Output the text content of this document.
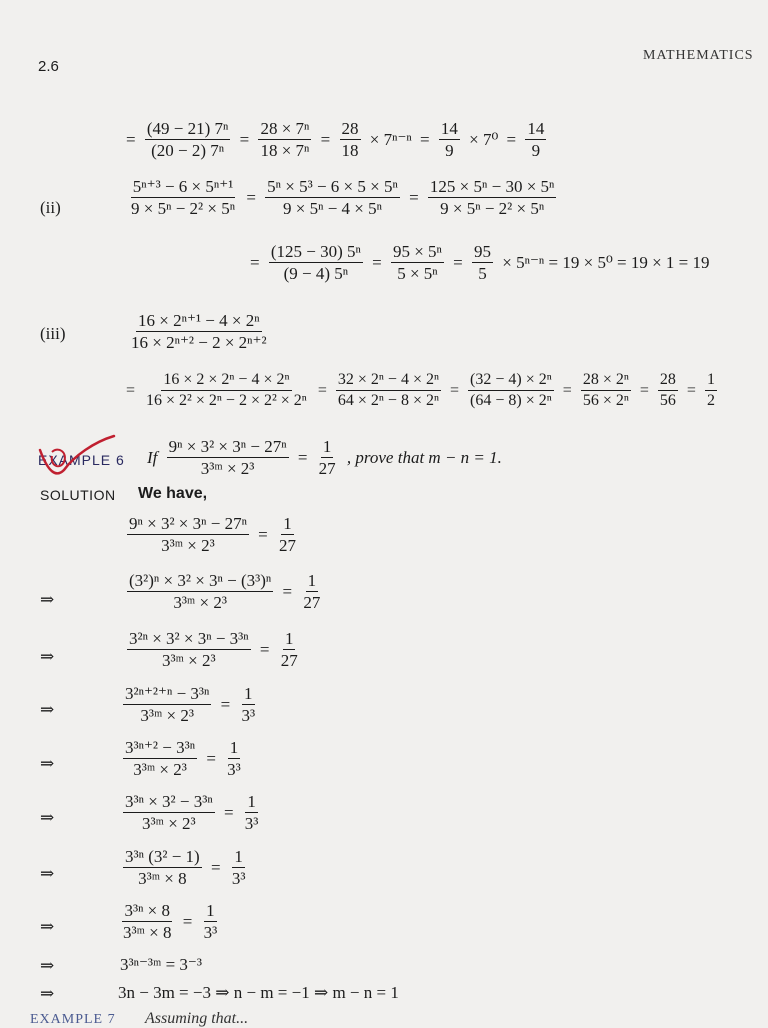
2.6
MATHEMATICS
= $\frac{\text{(49 − 21) 7ⁿ}}{\text{(20 − 2) 7ⁿ}} = \frac{\text{28 × 7ⁿ}}{\text{18 × 7ⁿ}} = \frac{28}{18} \times 7^{n-n} = \frac{14}{9} \times 7^0 = \frac{14}{9}$
(ii)	$\frac{\text{5ⁿ⁺³ − 6 × 5ⁿ⁺¹}}{\text{9 × 5ⁿ − 2² × 5ⁿ}} = \frac{\text{5ⁿ × 5³ − 6 × 5 × 5ⁿ}}{\text{9 × 5ⁿ − 4 × 5ⁿ}} = \frac{\text{125 × 5ⁿ − 30 × 5ⁿ}}{\text{9 × 5ⁿ − 2² × 5ⁿ}}$
= $\frac{\text{(125 − 30) 5ⁿ}}{\text{(9 − 4) 5ⁿ}} = \frac{\text{95 × 5ⁿ}}{\text{5 × 5ⁿ}} = \frac{95}{5} \times 5^{n-n} = 19 \times 5^0 = 19 \times 1 = 19$
(iii)	$\frac{\text{16 × 2ⁿ⁺¹ − 4 × 2ⁿ}}{\text{16 × 2ⁿ⁺² − 2 × 2ⁿ⁺²}}$
= $\frac{\text{16 × 2 × 2ⁿ − 4 × 2ⁿ}}{\text{16 × 2² × 2ⁿ − 2 × 2² × 2ⁿ}} = \frac{\text{32 × 2ⁿ − 4 × 2ⁿ}}{\text{64 × 2ⁿ − 8 × 2ⁿ}} = \frac{\text{(32 − 4) × 2ⁿ}}{\text{(64 − 8) × 2ⁿ}} = \frac{\text{28 × 2ⁿ}}{\text{56 × 2ⁿ}} = \frac{28}{56} = \frac{1}{2}$
EXAMPLE 6 If $\frac{\text{9ⁿ × 3² × 3ⁿ − 27ⁿ}}{\text{3³ᵐ × 2³}} = \frac{1}{27}$ , prove that m − n = 1.
SOLUTION We have,
$\frac{\text{9ⁿ × 3² × 3ⁿ − 27ⁿ}}{\text{3³ᵐ × 2³}} = \frac{1}{27}$
⇒	$\frac{\text{(3²)ⁿ × 3² × 3ⁿ − (3³)ⁿ}}{\text{3³ᵐ × 2³}} = \frac{1}{27}$
⇒	$\frac{\text{3²ⁿ × 3² × 3ⁿ − 3³ⁿ}}{\text{3³ᵐ × 2³}} = \frac{1}{27}$
⇒	$\frac{\text{3²ⁿ⁺²⁺ⁿ − 3³ⁿ}}{\text{3³ᵐ × 2³}} = \frac{1}{\text{3³}}$
⇒	$\frac{\text{3³ⁿ⁺² − 3³ⁿ}}{\text{3³ᵐ × 2³}} = \frac{1}{\text{3³}}$
⇒	$\frac{\text{3³ⁿ × 3² − 3³ⁿ}}{\text{3³ᵐ × 2³}} = \frac{1}{\text{3³}}$
⇒	$\frac{\text{3³ⁿ (3² − 1)}}{\text{3³ᵐ × 8}} = \frac{1}{\text{3³}}$
⇒	$\frac{\text{3³ⁿ × 8}}{\text{3³ᵐ × 8}} = \frac{1}{\text{3³}}$
⇒	3³ⁿ⁻³ᵐ = 3⁻³
⇒	3n − 3m = −3 ⇒ n − m = −1 ⇒ m − n = 1
EXAMPLE 7 Assuming that...
